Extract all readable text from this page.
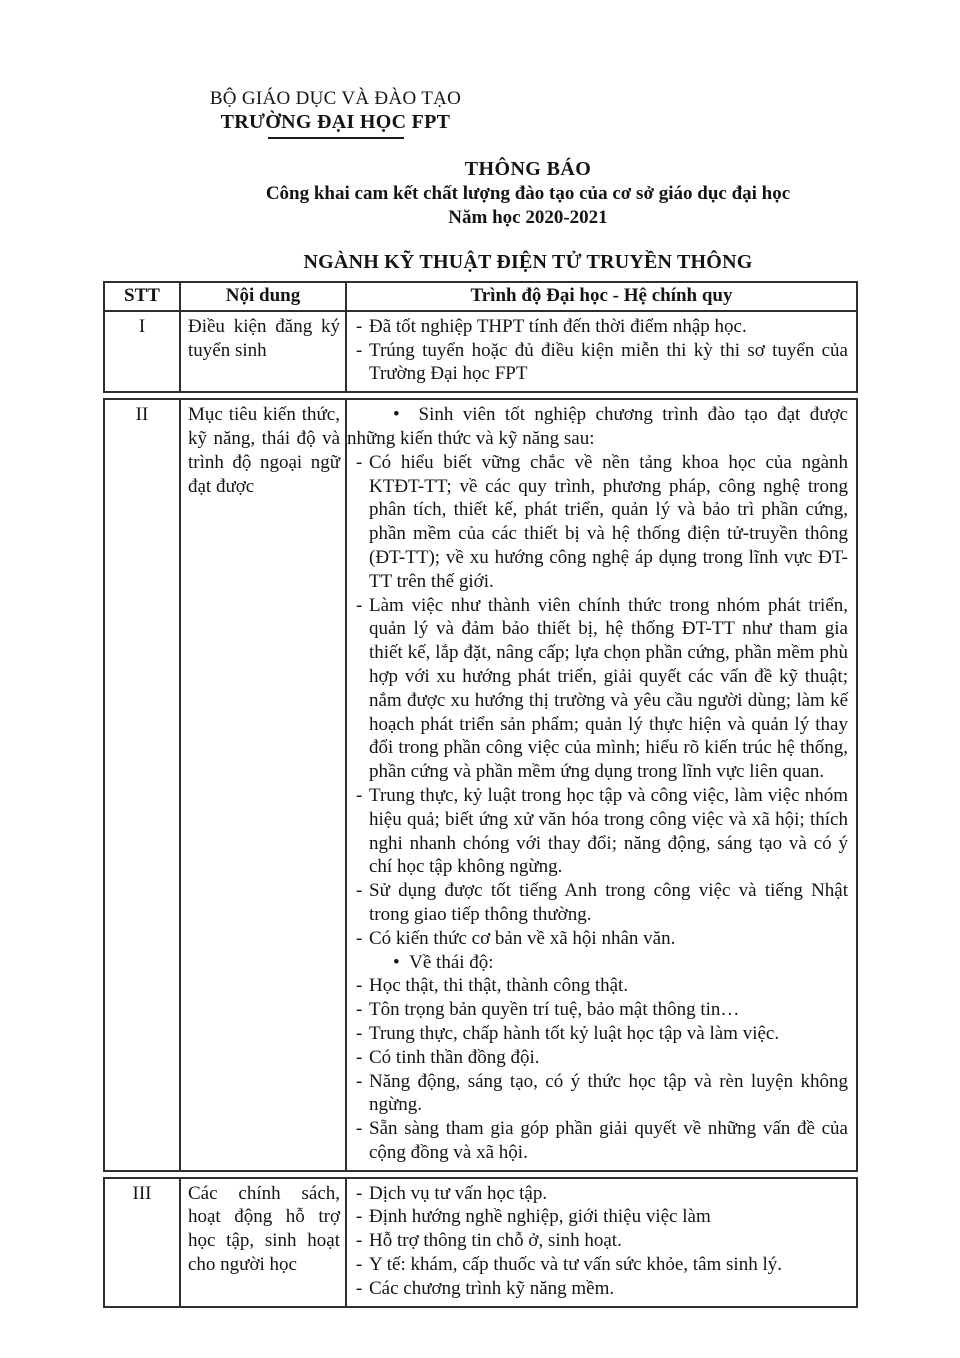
BỘ GIÁO DỤC VÀ ĐÀO TẠO
TRƯỜNG ĐẠI HỌC FPT
THÔNG BÁO
Công khai cam kết chất lượng đào tạo của cơ sở giáo dục đại học
Năm học 2020-2021
NGÀNH KỸ THUẬT ĐIỆN TỬ TRUYỀN THÔNG
STT	Nội dung	Trình độ Đại học - Hệ chính quy
I	Điều kiện đăng ký tuyển sinh
- Đã tốt nghiệp THPT tính đến thời điểm nhập học.
- Trúng tuyển hoặc đủ điều kiện miễn thi kỳ thi sơ tuyển của Trường Đại học FPT
II	Mục tiêu kiến thức, kỹ năng, thái độ và trình độ ngoại ngữ đạt được
•  Sinh viên tốt nghiệp chương trình đào tạo đạt được những kiến thức và kỹ năng sau:
- Có hiểu biết vững chắc về nền tảng khoa học của ngành KTĐT-TT; về các quy trình, phương pháp, công nghệ trong phân tích, thiết kế, phát triển, quản lý và bảo trì phần cứng, phần mềm của các thiết bị và hệ thống điện tử-truyền thông (ĐT-TT); về xu hướng công nghệ áp dụng trong lĩnh vực ĐT-TT trên thế giới.
- Làm việc như thành viên chính thức trong nhóm phát triển, quản lý và đảm bảo thiết bị, hệ thống ĐT-TT như tham gia thiết kế, lắp đặt, nâng cấp; lựa chọn phần cứng, phần mềm phù hợp với xu hướng phát triển, giải quyết các vấn đề kỹ thuật; nắm được xu hướng thị trường và yêu cầu người dùng; làm kế hoạch phát triển sản phẩm; quản lý thực hiện và quản lý thay đổi trong phần công việc của mình; hiểu rõ kiến trúc hệ thống, phần cứng và phần mềm ứng dụng trong lĩnh vực liên quan.
- Trung thực, kỷ luật trong học tập và công việc, làm việc nhóm hiệu quả; biết ứng xử văn hóa trong công việc và xã hội; thích nghi nhanh chóng với thay đổi; năng động, sáng tạo và có ý chí học tập không ngừng.
- Sử dụng được tốt tiếng Anh trong công việc và tiếng Nhật trong giao tiếp thông thường.
- Có kiến thức cơ bản về xã hội nhân văn.
•  Về thái độ:
- Học thật, thi thật, thành công thật.
- Tôn trọng bản quyền trí tuệ, bảo mật thông tin…
- Trung thực, chấp hành tốt kỷ luật học tập và làm việc.
- Có tinh thần đồng đội.
- Năng động, sáng tạo, có ý thức học tập và rèn luyện không ngừng.
- Sẵn sàng tham gia góp phần giải quyết về những vấn đề của cộng đồng và xã hội.
III	Các chính sách, hoạt động hỗ trợ học tập, sinh hoạt cho người học
- Dịch vụ tư vấn học tập.
- Định hướng nghề nghiệp, giới thiệu việc làm
- Hỗ trợ thông tin chỗ ở, sinh hoạt.
- Y tế: khám, cấp thuốc và tư vấn sức khỏe, tâm sinh lý.
- Các chương trình kỹ năng mềm.
